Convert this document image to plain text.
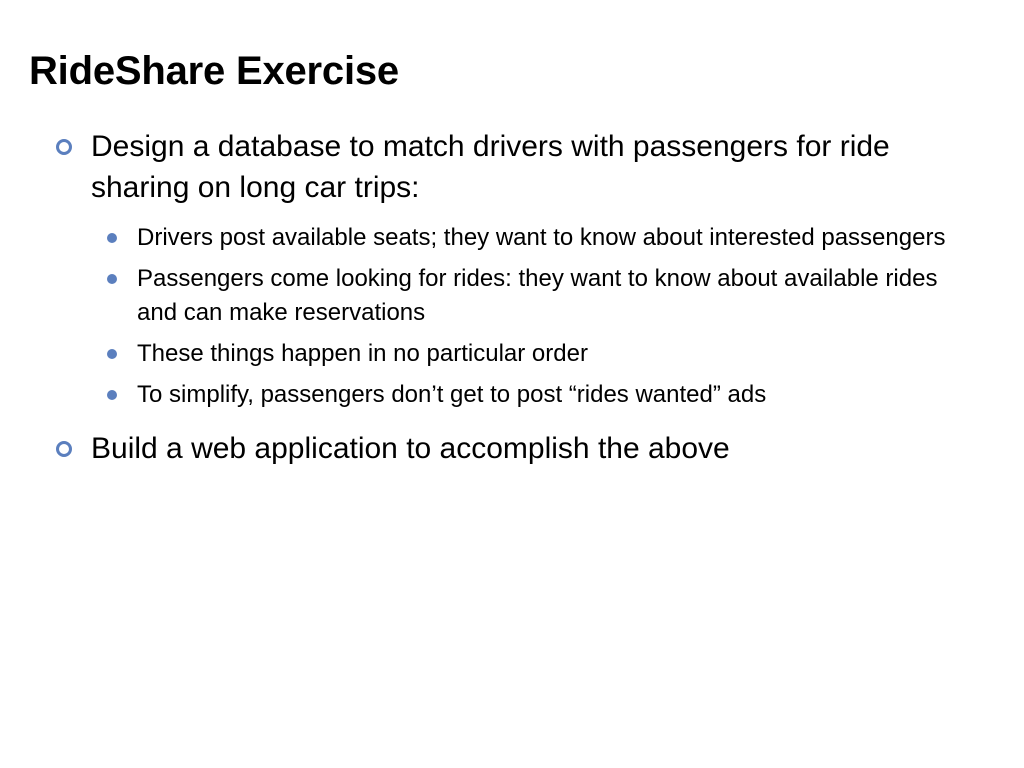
RideShare Exercise
Design a database to match drivers with passengers for ride sharing on long car trips:
Drivers post available seats; they want to know about interested passengers
Passengers come looking for rides: they want to know about available rides and can make reservations
These things happen in no particular order
To simplify, passengers don’t get to post “rides wanted” ads
Build a web application to accomplish the above
